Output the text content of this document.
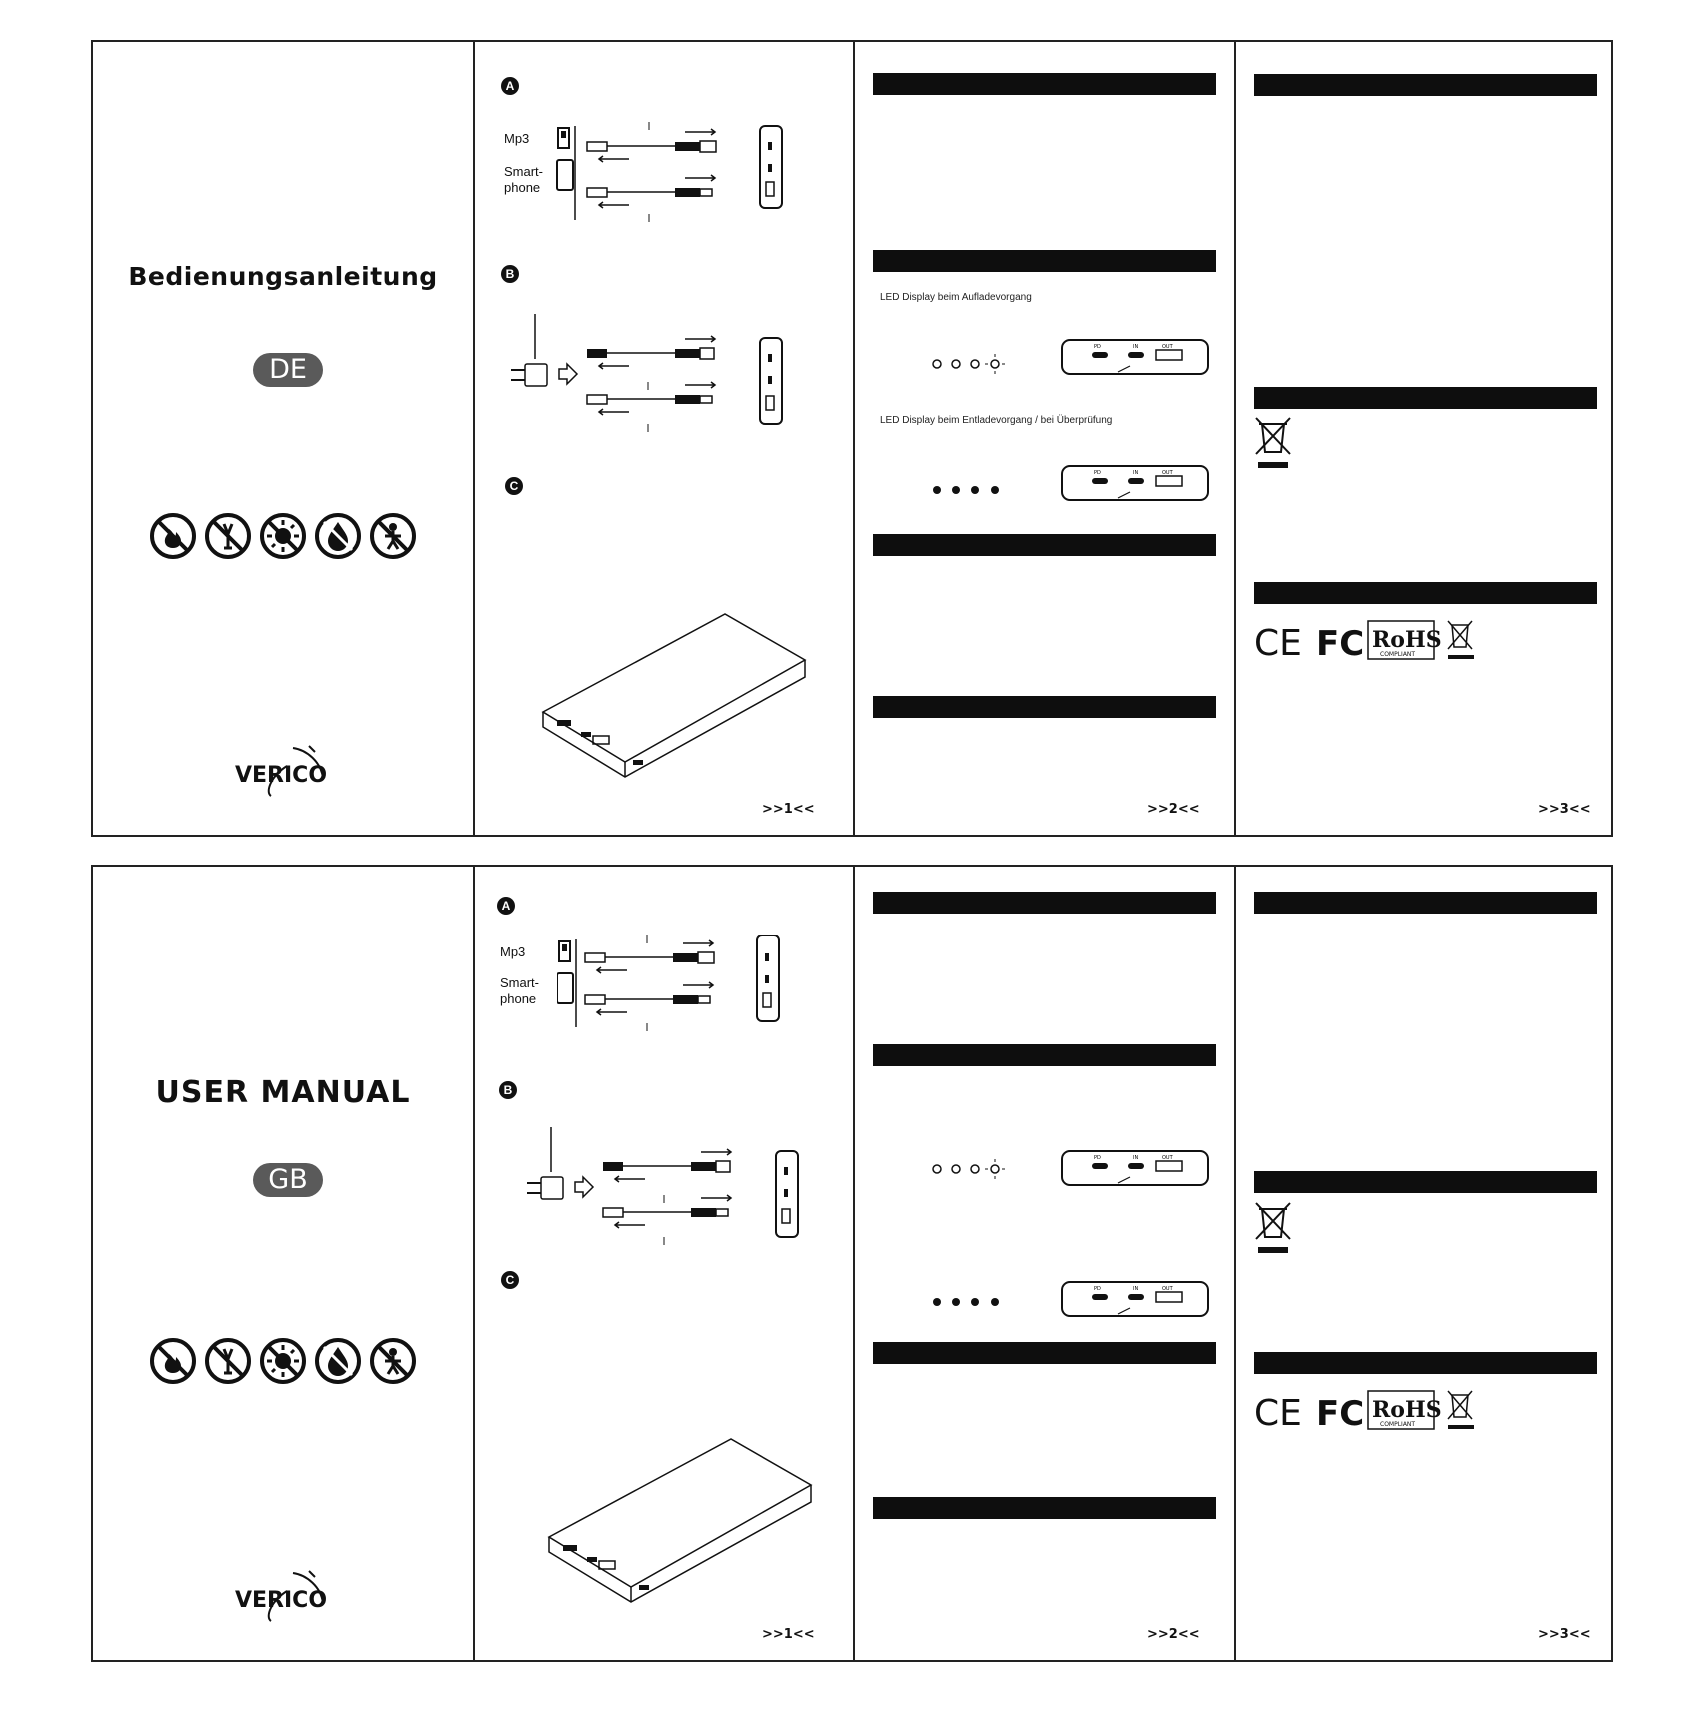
Bedienungsanleitung
DE
VERICO
A
Mp3
Smart-
phone
B
C
>>1<<
LED Display beim Aufladevorgang
PD	IN	OUT
LED Display beim Entladevorgang / bei Überprüfung
PD	IN	OUT
>>2<<
CE FC RoHS
COMPLIANT
>>3<<
USER MANUAL
GB
VERICO
A
Mp3
Smart-
phone
B
C
>>1<<
PD	IN	OUT
PD	IN	OUT
>>2<<
CE FC RoHS
COMPLIANT
>>3<<
